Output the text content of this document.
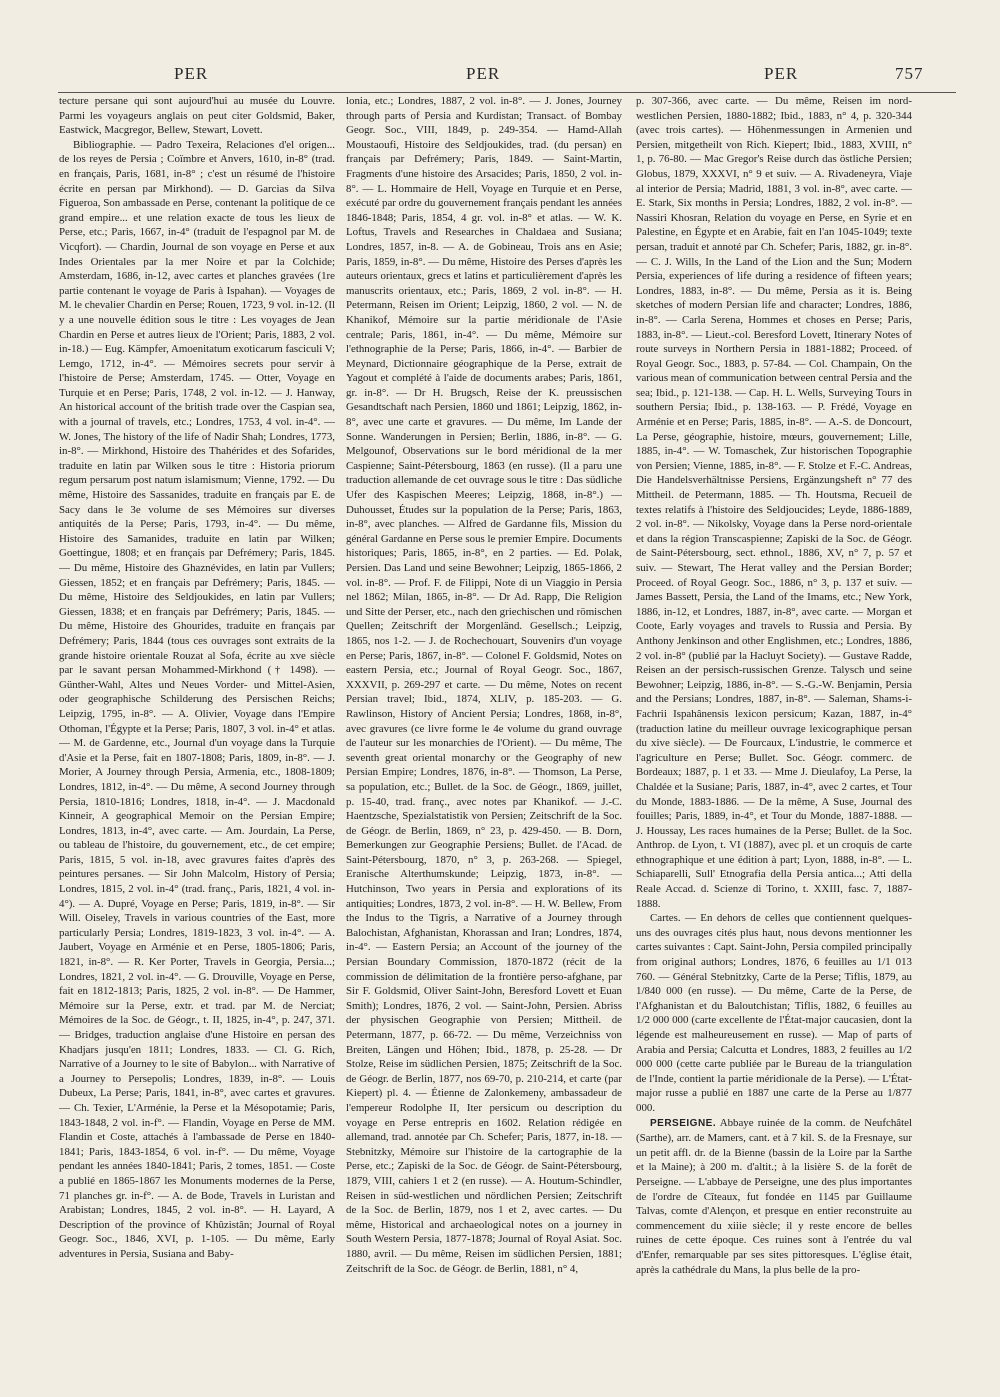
PER	PER	PER	757

tecture persane qui sont aujourd'hui au musée du Louvre. Parmi les voyageurs anglais on peut citer Goldsmid, Baker, Eastwick, Macgregor, Bellew, Stewart, Lovett.

Bibliographie. — Padro Texeira, Relaciones d'el origen... de los reyes de Persia ; Coïmbre et Anvers, 1610, in-8° (trad. en français, Paris, 1681, in-8° ; c'est un résumé de l'histoire écrite en persan par Mirkhond). — D. Garcias da Silva Figueroa, Son ambassade en Perse, contenant la politique de ce grand empire... et une relation exacte de tous les lieux de Perse, etc.; Paris, 1667, in-4° (traduit de l'espagnol par M. de Vicqfort). — Chardin, Journal de son voyage en Perse et aux Indes Orientales par la mer Noire et par la Colchide; Amsterdam, 1686, in-12, avec cartes et planches gravées (1re partie contenant le voyage de Paris à Ispahan). — Voyages de M. le chevalier Chardin en Perse; Rouen, 1723, 9 vol. in-12. (Il y a une nouvelle édition sous le titre : Les voyages de Jean Chardin en Perse et autres lieux de l'Orient; Paris, 1883, 2 vol. in-18.) — Eug. Kämpfer, Amoenitatum exoticarum fasciculi V; Lemgo, 1712, in-4°. — Mémoires secrets pour servir à l'histoire de Perse; Amsterdam, 1745. — Otter, Voyage en Turquie et en Perse; Paris, 1748, 2 vol. in-12. — J. Hanway, An historical account of the british trade over the Caspian sea, with a journal of travels, etc.; Londres, 1753, 4 vol. in-4°. — W. Jones, The history of the life of Nadir Shah; Londres, 1773, in-8°. — Mirkhond, Histoire des Thahérides et des Sofarides, traduite en latin par Wilken sous le titre : Historia priorum regum persarum post natum islamismum; Vienne, 1792. — Du même, Histoire des Sassanides, traduite en français par E. de Sacy dans le 3e volume de ses Mémoires sur diverses antiquités de la Perse; Paris, 1793, in-4°. — Du même, Histoire des Samanides, traduite en latin par Wilken; Goettingue, 1808; et en français par Defrémery; Paris, 1845. — Du même, Histoire des Ghaznévides, en latin par Vullers; Giessen, 1852; et en français par Defrémery; Paris, 1845. — Du même, Histoire des Seldjoukides, en latin par Vullers; Giessen, 1838; et en français par Defrémery; Paris, 1845. — Du même, Histoire des Ghourides, traduite en français par Defrémery; Paris, 1844 (tous ces ouvrages sont extraits de la grande histoire orientale Rouzat al Sofa, écrite au xve siècle par le savant persan Mohammed-Mirkhond († 1498). — Günther-Wahl, Altes und Neues Vorder- und Mittel-Asien, oder geographische Schilderung des Persischen Reichs; Leipzig, 1795, in-8°. — A. Olivier, Voyage dans l'Empire Othoman, l'Égypte et la Perse; Paris, 1807, 3 vol. in-4° et atlas. — M. de Gardenne, etc., Journal d'un voyage dans la Turquie d'Asie et la Perse, fait en 1807-1808; Paris, 1809, in-8°. — J. Morier, A Journey through Persia, Armenia, etc., 1808-1809; Londres, 1812, in-4°. — Du même, A second Journey through Persia, 1810-1816; Londres, 1818, in-4°. — J. Macdonald Kinneir, A geographical Memoir on the Persian Empire; Londres, 1813, in-4°, avec carte. — Am. Jourdain, La Perse, ou tableau de l'histoire, du gouvernement, etc., de cet empire; Paris, 1815, 5 vol. in-18, avec gravures faites d'après des peintures persanes. — Sir John Malcolm, History of Persia; Londres, 1815, 2 vol. in-4° (trad. franç., Paris, 1821, 4 vol. in-4°). — A. Dupré, Voyage en Perse; Paris, 1819, in-8°. — Sir Will. Oiseley, Travels in various countries of the East, more particularly Persia; Londres, 1819-1823, 3 vol. in-4°. — A. Jaubert, Voyage en Arménie et en Perse, 1805-1806; Paris, 1821, in-8°. — R. Ker Porter, Travels in Georgia, Persia...; Londres, 1821, 2 vol. in-4°. — G. Drouville, Voyage en Perse, fait en 1812-1813; Paris, 1825, 2 vol. in-8°. — De Hammer, Mémoire sur la Perse, extr. et trad. par M. de Nerciat; Mémoires de la Soc. de Géogr., t. II, 1825, in-4°, p. 247, 371. — Bridges, traduction anglaise d'une Histoire en persan des Khadjars jusqu'en 1811; Londres, 1833. — Cl. G. Rich, Narrative of a Journey to le site of Babylon... with Narrative of a Journey to Persepolis; Londres, 1839, in-8°. — Louis Dubeux, La Perse; Paris, 1841, in-8°, avec cartes et gravures. — Ch. Texier, L'Arménie, la Perse et la Mésopotamie; Paris, 1843-1848, 2 vol. in-f°. — Flandin, Voyage en Perse de MM. Flandin et Coste, attachés à l'ambassade de Perse en 1840-1841; Paris, 1843-1854, 6 vol. in-f°. — Du même, Voyage pendant les années 1840-1841; Paris, 2 tomes, 1851. — Coste a publié en 1865-1867 les Monuments modernes de la Perse, 71 planches gr. in-f°. — A. de Bode, Travels in Luristan and Arabistan; Londres, 1845, 2 vol. in-8°. — H. Layard, A Description of the province of Khûzistân; Journal of Royal Geogr. Soc., 1846, XVI, p. 1-105. — Du même, Early adventures in Persia, Susiana and Baby-

lonia, etc.; Londres, 1887, 2 vol. in-8°. — J. Jones, Journey through parts of Persia and Kurdistan; Transact. of Bombay Geogr. Soc., VIII, 1849, p. 249-354. — Hamd-Allah Moustaoufi, Histoire des Seldjoukides, trad. (du persan) en français par Defrémery; Paris, 1849. — Saint-Martin, Fragments d'une histoire des Arsacides; Paris, 1850, 2 vol. in-8°. — L. Hommaire de Hell, Voyage en Turquie et en Perse, exécuté par ordre du gouvernement français pendant les années 1846-1848; Paris, 1854, 4 gr. vol. in-8° et atlas. — W. K. Loftus, Travels and Researches in Chaldaea and Susiana; Londres, 1857, in-8. — A. de Gobineau, Trois ans en Asie; Paris, 1859, in-8°. — Du même, Histoire des Perses d'après les auteurs orientaux, grecs et latins et particulièrement d'après les manuscrits orientaux, etc.; Paris, 1869, 2 vol. in-8°. — H. Petermann, Reisen im Orient; Leipzig, 1860, 2 vol. — N. de Khanikof, Mémoire sur la partie méridionale de l'Asie centrale; Paris, 1861, in-4°. — Du même, Mémoire sur l'ethnographie de la Perse; Paris, 1866, in-4°. — Barbier de Meynard, Dictionnaire géographique de la Perse, extrait de Yagout et complété à l'aide de documents arabes; Paris, 1861, gr. in-8°. — Dr H. Brugsch, Reise der K. preussischen Gesandtschaft nach Persien, 1860 und 1861; Leipzig, 1862, in-8°, avec une carte et gravures. — Du même, Im Lande der Sonne. Wanderungen in Persien; Berlin, 1886, in-8°. — G. Melgounof, Observations sur le bord méridional de la mer Caspienne; Saint-Pétersbourg, 1863 (en russe). (Il a paru une traduction allemande de cet ouvrage sous le titre : Das südliche Ufer des Kaspischen Meeres; Leipzig, 1868, in-8°.) — Duhousset, Études sur la population de la Perse; Paris, 1863, in-8°, avec planches. — Alfred de Gardanne fils, Mission du général Gardanne en Perse sous le premier Empire. Documents historiques; Paris, 1865, in-8°, en 2 parties. — Ed. Polak, Persien. Das Land und seine Bewohner; Leipzig, 1865-1866, 2 vol. in-8°. — Prof. F. de Filippi, Note di un Viaggio in Persia nel 1862; Milan, 1865, in-8°. — Dr Ad. Rapp, Die Religion und Sitte der Perser, etc., nach den griechischen und römischen Quellen; Zeitschrift der Morgenländ. Gesellsch.; Leipzig, 1865, nos 1-2. — J. de Rochechouart, Souvenirs d'un voyage en Perse; Paris, 1867, in-8°. — Colonel F. Goldsmid, Notes on eastern Persia, etc.; Journal of Royal Geogr. Soc., 1867, XXXVII, p. 269-297 et carte. — Du même, Notes on recent Persian travel; Ibid., 1874, XLIV, p. 185-203. — G. Rawlinson, History of Ancient Persia; Londres, 1868, in-8°, avec gravures (ce livre forme le 4e volume du grand ouvrage de l'auteur sur les monarchies de l'Orient). — Du même, The seventh great oriental monarchy or the Geography of new Persian Empire; Londres, 1876, in-8°. — Thomson, La Perse, sa population, etc.; Bullet. de la Soc. de Géogr., 1869, juillet, p. 15-40, trad. franç., avec notes par Khanikof. — J.-C. Haentzsche, Spezialstatistik von Persien; Zeitschrift de la Soc. de Géogr. de Berlin, 1869, n° 23, p. 429-450. — B. Dorn, Bemerkungen zur Geographie Persiens; Bullet. de l'Acad. de Saint-Pétersbourg, 1870, n° 3, p. 263-268. — Spiegel, Eranische Alterthumskunde; Leipzig, 1873, in-8°. — Hutchinson, Two years in Persia and explorations of its antiquities; Londres, 1873, 2 vol. in-8°. — H. W. Bellew, From the Indus to the Tigris, a Narrative of a Journey through Balochistan, Afghanistan, Khorassan and Iran; Londres, 1874, in-4°. — Eastern Persia; an Account of the journey of the Persian Boundary Commission, 1870-1872 (récit de la commission de délimitation de la frontière perso-afghane, par Sir F. Goldsmid, Oliver Saint-John, Beresford Lovett et Euan Smith); Londres, 1876, 2 vol. — Saint-John, Persien. Abriss der physischen Geographie von Persien; Mittheil. de Petermann, 1877, p. 66-72. — Du même, Verzeichniss von Breiten, Längen und Höhen; Ibid., 1878, p. 25-28. — Dr Stolze, Reise im südlichen Persien, 1875; Zeitschrift de la Soc. de Géogr. de Berlin, 1877, nos 69-70, p. 210-214, et carte (par Kiepert) pl. 4. — Étienne de Zalonkemeny, ambassadeur de l'empereur Rodolphe II, Iter persicum ou description du voyage en Perse entrepris en 1602. Relation rédigée en allemand, trad. annotée par Ch. Schefer; Paris, 1877, in-18. — Stebnitzky, Mémoire sur l'histoire de la cartographie de la Perse, etc.; Zapiski de la Soc. de Géogr. de Saint-Pétersbourg, 1879, VIII, cahiers 1 et 2 (en russe). — A. Houtum-Schindler, Reisen in süd-westlichen und nördlichen Persien; Zeitschrift de la Soc. de Berlin, 1879, nos 1 et 2, avec cartes. — Du même, Historical and archaeological notes on a journey in South Western Persia, 1877-1878; Journal of Royal Asiat. Soc. 1880, avril. — Du même, Reisen im südlichen Persien, 1881; Zeitschrift de la Soc. de Géogr. de Berlin, 1881, n° 4,

p. 307-366, avec carte. — Du même, Reisen im nord-westlichen Persien, 1880-1882; Ibid., 1883, n° 4, p. 320-344 (avec trois cartes). — Höhenmessungen in Armenien und Persien, mitgetheilt von Rich. Kiepert; Ibid., 1883, XVIII, n° 1, p. 76-80. — Mac Gregor's Reise durch das östliche Persien; Globus, 1879, XXXVI, n° 9 et suiv. — A. Rivadeneyra, Viaje al interior de Persia; Madrid, 1881, 3 vol. in-8°, avec carte. — E. Stark, Six months in Persia; Londres, 1882, 2 vol. in-8°. — Nassiri Khosran, Relation du voyage en Perse, en Syrie et en Palestine, en Égypte et en Arabie, fait en l'an 1045-1049; texte persan, traduit et annoté par Ch. Schefer; Paris, 1882, gr. in-8°. — C. J. Wills, In the Land of the Lion and the Sun; Modern Persia, experiences of life during a residence of fifteen years; Londres, 1883, in-8°. — Du même, Persia as it is. Being sketches of modern Persian life and character; Londres, 1886, in-8°. — Carla Serena, Hommes et choses en Perse; Paris, 1883, in-8°. — Lieut.-col. Beresford Lovett, Itinerary Notes of route surveys in Northern Persia in 1881-1882; Proceed. of Royal Geogr. Soc., 1883, p. 57-84. — Col. Champain, On the various mean of communication between central Persia and the sea; Ibid., p. 121-138. — Cap. H. L. Wells, Surveying Tours in southern Persia; Ibid., p. 138-163. — P. Frédé, Voyage en Arménie et en Perse; Paris, 1885, in-8°. — A.-S. de Doncourt, La Perse, géographie, histoire, mœurs, gouvernement; Lille, 1885, in-4°. — W. Tomaschek, Zur historischen Topographie von Persien; Vienne, 1885, in-8°. — F. Stolze et F.-C. Andreas, Die Handelsverhältnisse Persiens, Ergänzungsheft n° 77 des Mittheil. de Petermann, 1885. — Th. Houtsma, Recueil de textes relatifs à l'histoire des Seldjoucides; Leyde, 1886-1889, 2 vol. in-8°. — Nikolsky, Voyage dans la Perse nord-orientale et dans la région Transcaspienne; Zapiski de la Soc. de Géogr. de Saint-Pétersbourg, sect. ethnol., 1886, XV, n° 7, p. 57 et suiv. — Stewart, The Herat valley and the Persian Border; Proceed. of Royal Geogr. Soc., 1886, n° 3, p. 137 et suiv. — James Bassett, Persia, the Land of the Imams, etc.; New York, 1886, in-12, et Londres, 1887, in-8°, avec carte. — Morgan et Coote, Early voyages and travels to Russia and Persia. By Anthony Jenkinson and other Englishmen, etc.; Londres, 1886, 2 vol. in-8° (publié par la Hacluyt Society). — Gustave Radde, Reisen an der persisch-russischen Grenze. Talysch und seine Bewohner; Leipzig, 1886, in-8°. — S.-G.-W. Benjamin, Persia and the Persians; Londres, 1887, in-8°. — Saleman, Shams-i-Fachrii Ispahânensis lexicon persicum; Kazan, 1887, in-4° (traduction latine du meilleur ouvrage lexicographique persan du xive siècle). — De Fourcaux, L'industrie, le commerce et l'agriculture en Perse; Bullet. Soc. Géogr. commerc. de Bordeaux; 1887, p. 1 et 33. — Mme J. Dieulafoy, La Perse, la Chaldée et la Susiane; Paris, 1887, in-4°, avec 2 cartes, et Tour du Monde, 1883-1886. — De la même, A Suse, Journal des fouilles; Paris, 1889, in-4°, et Tour du Monde, 1887-1888. — J. Houssay, Les races humaines de la Perse; Bullet. de la Soc. Anthrop. de Lyon, t. VI (1887), avec pl. et un croquis de carte ethnographique et une édition à part; Lyon, 1888, in-8°. — L. Schiaparelli, Sull' Etnografia della Persia antica...; Atti della Reale Accad. d. Scienze di Torino, t. XXIII, fasc. 7, 1887-1888.

Cartes. — En dehors de celles que contiennent quelques-uns des ouvrages cités plus haut, nous devons mentionner les cartes suivantes : Capt. Saint-John, Persia compiled principally from original authors; Londres, 1876, 6 feuilles au 1/1 013 760. — Général Stebnitzky, Carte de la Perse; Tiflis, 1879, au 1/840 000 (en russe). — Du même, Carte de la Perse, de l'Afghanistan et du Baloutchistan; Tiflis, 1882, 6 feuilles au 1/2 000 000 (carte excellente de l'État-major caucasien, dont la légende est malheureusement en russe). — Map of parts of Arabia and Persia; Calcutta et Londres, 1883, 2 feuilles au 1/2 000 000 (cette carte publiée par le Bureau de la triangulation de l'Inde, contient la partie méridionale de la Perse). — L'État-major russe a publié en 1887 une carte de la Perse au 1/877 000.

PERSEIGNE. Abbaye ruinée de la comm. de Neufchâtel (Sarthe), arr. de Mamers, cant. et à 7 kil. S. de la Fresnaye, sur un petit affl. dr. de la Bienne (bassin de la Loire par la Sarthe et la Maine); à 200 m. d'altit.; à la lisière S. de la forêt de Perseigne. — L'abbaye de Perseigne, une des plus importantes de l'ordre de Cîteaux, fut fondée en 1145 par Guillaume Talvas, comte d'Alençon, et presque en entier reconstruite au commencement du xiiie siècle; il y reste encore de belles ruines de cette époque. Ces ruines sont à l'entrée du val d'Enfer, remarquable par ses sites pittoresques. L'église était, après la cathédrale du Mans, la plus belle de la pro-
